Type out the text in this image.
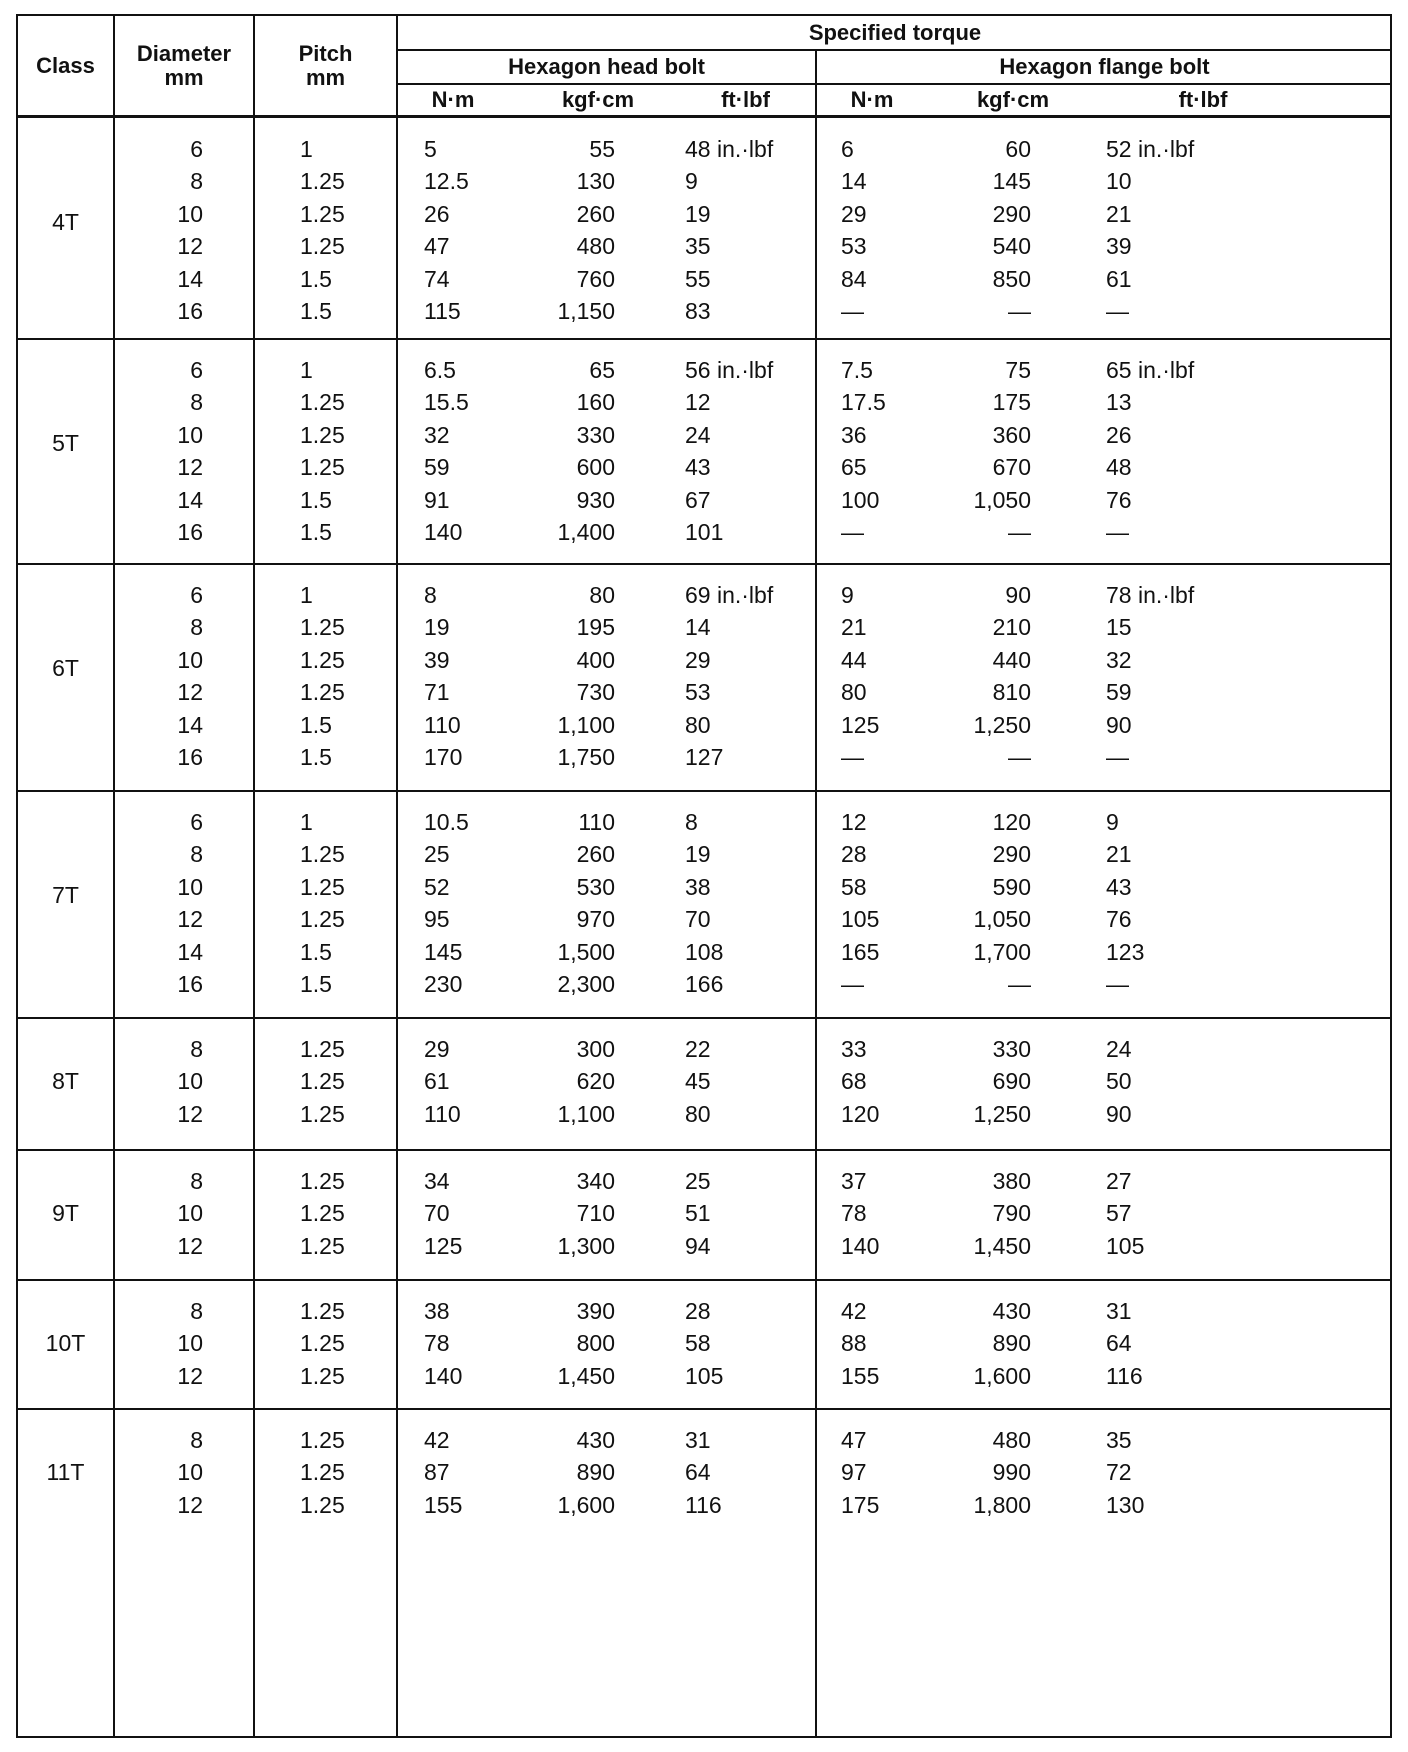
Class	Diameter
mm
Pitch
mm
Specified torque
Hexagon head bolt	Hexagon flange bolt
N·m	kgf·cm	ft·lbf	N·m	kgf·cm	ft·lbf
4T
6	1	5	55	48 in.·lbf	6	60	52 in.·lbf
8	1.25	12.5	130	9	14	145	10
10	1.25	26	260	19	29	290	21
12	1.25	47	480	35	53	540	39
14	1.5	74	760	55	84	850	61
16	1.5	115	1,150	83	—	—	—
5T
6	1	6.5	65	56 in.·lbf	7.5	75	65 in.·lbf
8	1.25	15.5	160	12	17.5	175	13
10	1.25	32	330	24	36	360	26
12	1.25	59	600	43	65	670	48
14	1.5	91	930	67	100	1,050	76
16	1.5	140	1,400	101	—	—	—
6T
6	1	8	80	69 in.·lbf	9	90	78 in.·lbf
8	1.25	19	195	14	21	210	15
10	1.25	39	400	29	44	440	32
12	1.25	71	730	53	80	810	59
14	1.5	110	1,100	80	125	1,250	90
16	1.5	170	1,750	127	—	—	—
7T
6	1	10.5	110	8	12	120	9
8	1.25	25	260	19	28	290	21
10	1.25	52	530	38	58	590	43
12	1.25	95	970	70	105	1,050	76
14	1.5	145	1,500	108	165	1,700	123
16	1.5	230	2,300	166	—	—	—
8T
8	1.25	29	300	22	33	330	24
10	1.25	61	620	45	68	690	50
12	1.25	110	1,100	80	120	1,250	90
9T
8	1.25	34	340	25	37	380	27
10	1.25	70	710	51	78	790	57
12	1.25	125	1,300	94	140	1,450	105
10T
8	1.25	38	390	28	42	430	31
10	1.25	78	800	58	88	890	64
12	1.25	140	1,450	105	155	1,600	116
11T
8	1.25	42	430	31	47	480	35
10	1.25	87	890	64	97	990	72
12	1.25	155	1,600	116	175	1,800	130
